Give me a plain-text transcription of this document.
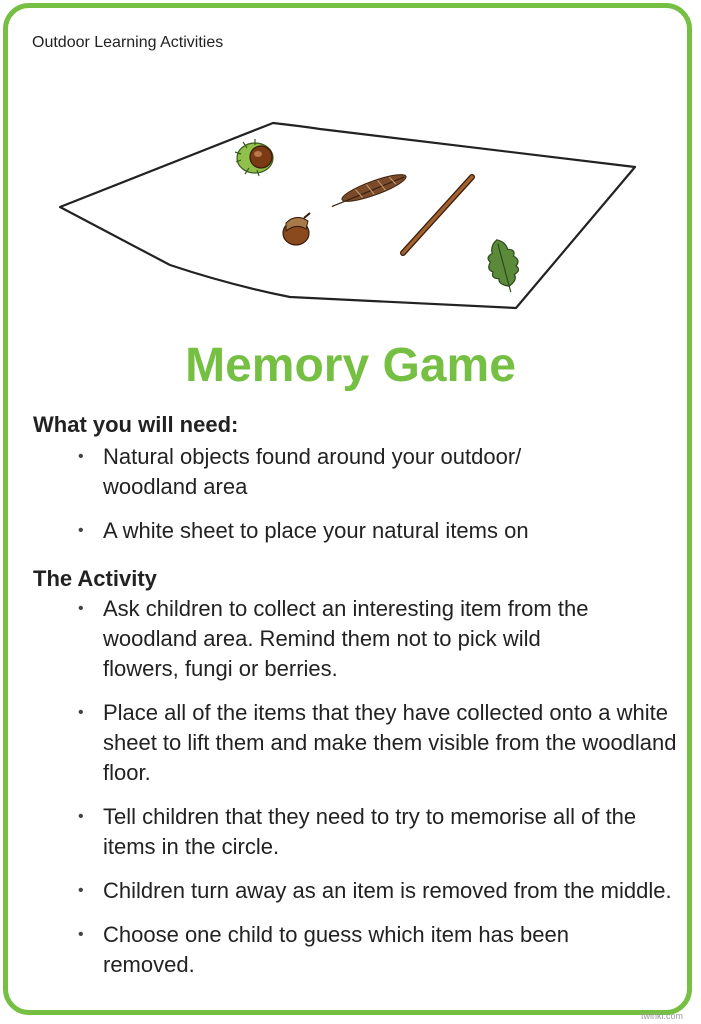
Outdoor Learning Activities
Memory Game
What you will need:
• Natural objects found around your outdoor/ woodland area
• A white sheet to place your natural items on
The Activity
• Ask children to collect an interesting item from the woodland area. Remind them not to pick wild flowers, fungi or berries.
• Place all of the items that they have collected onto a white sheet to lift them and make them visible from the woodland floor.
• Tell children that they need to try to memorise all of the items in the circle.
• Children turn away as an item is removed from the middle.
• Choose one child to guess which item has been removed.
twinkl.com
